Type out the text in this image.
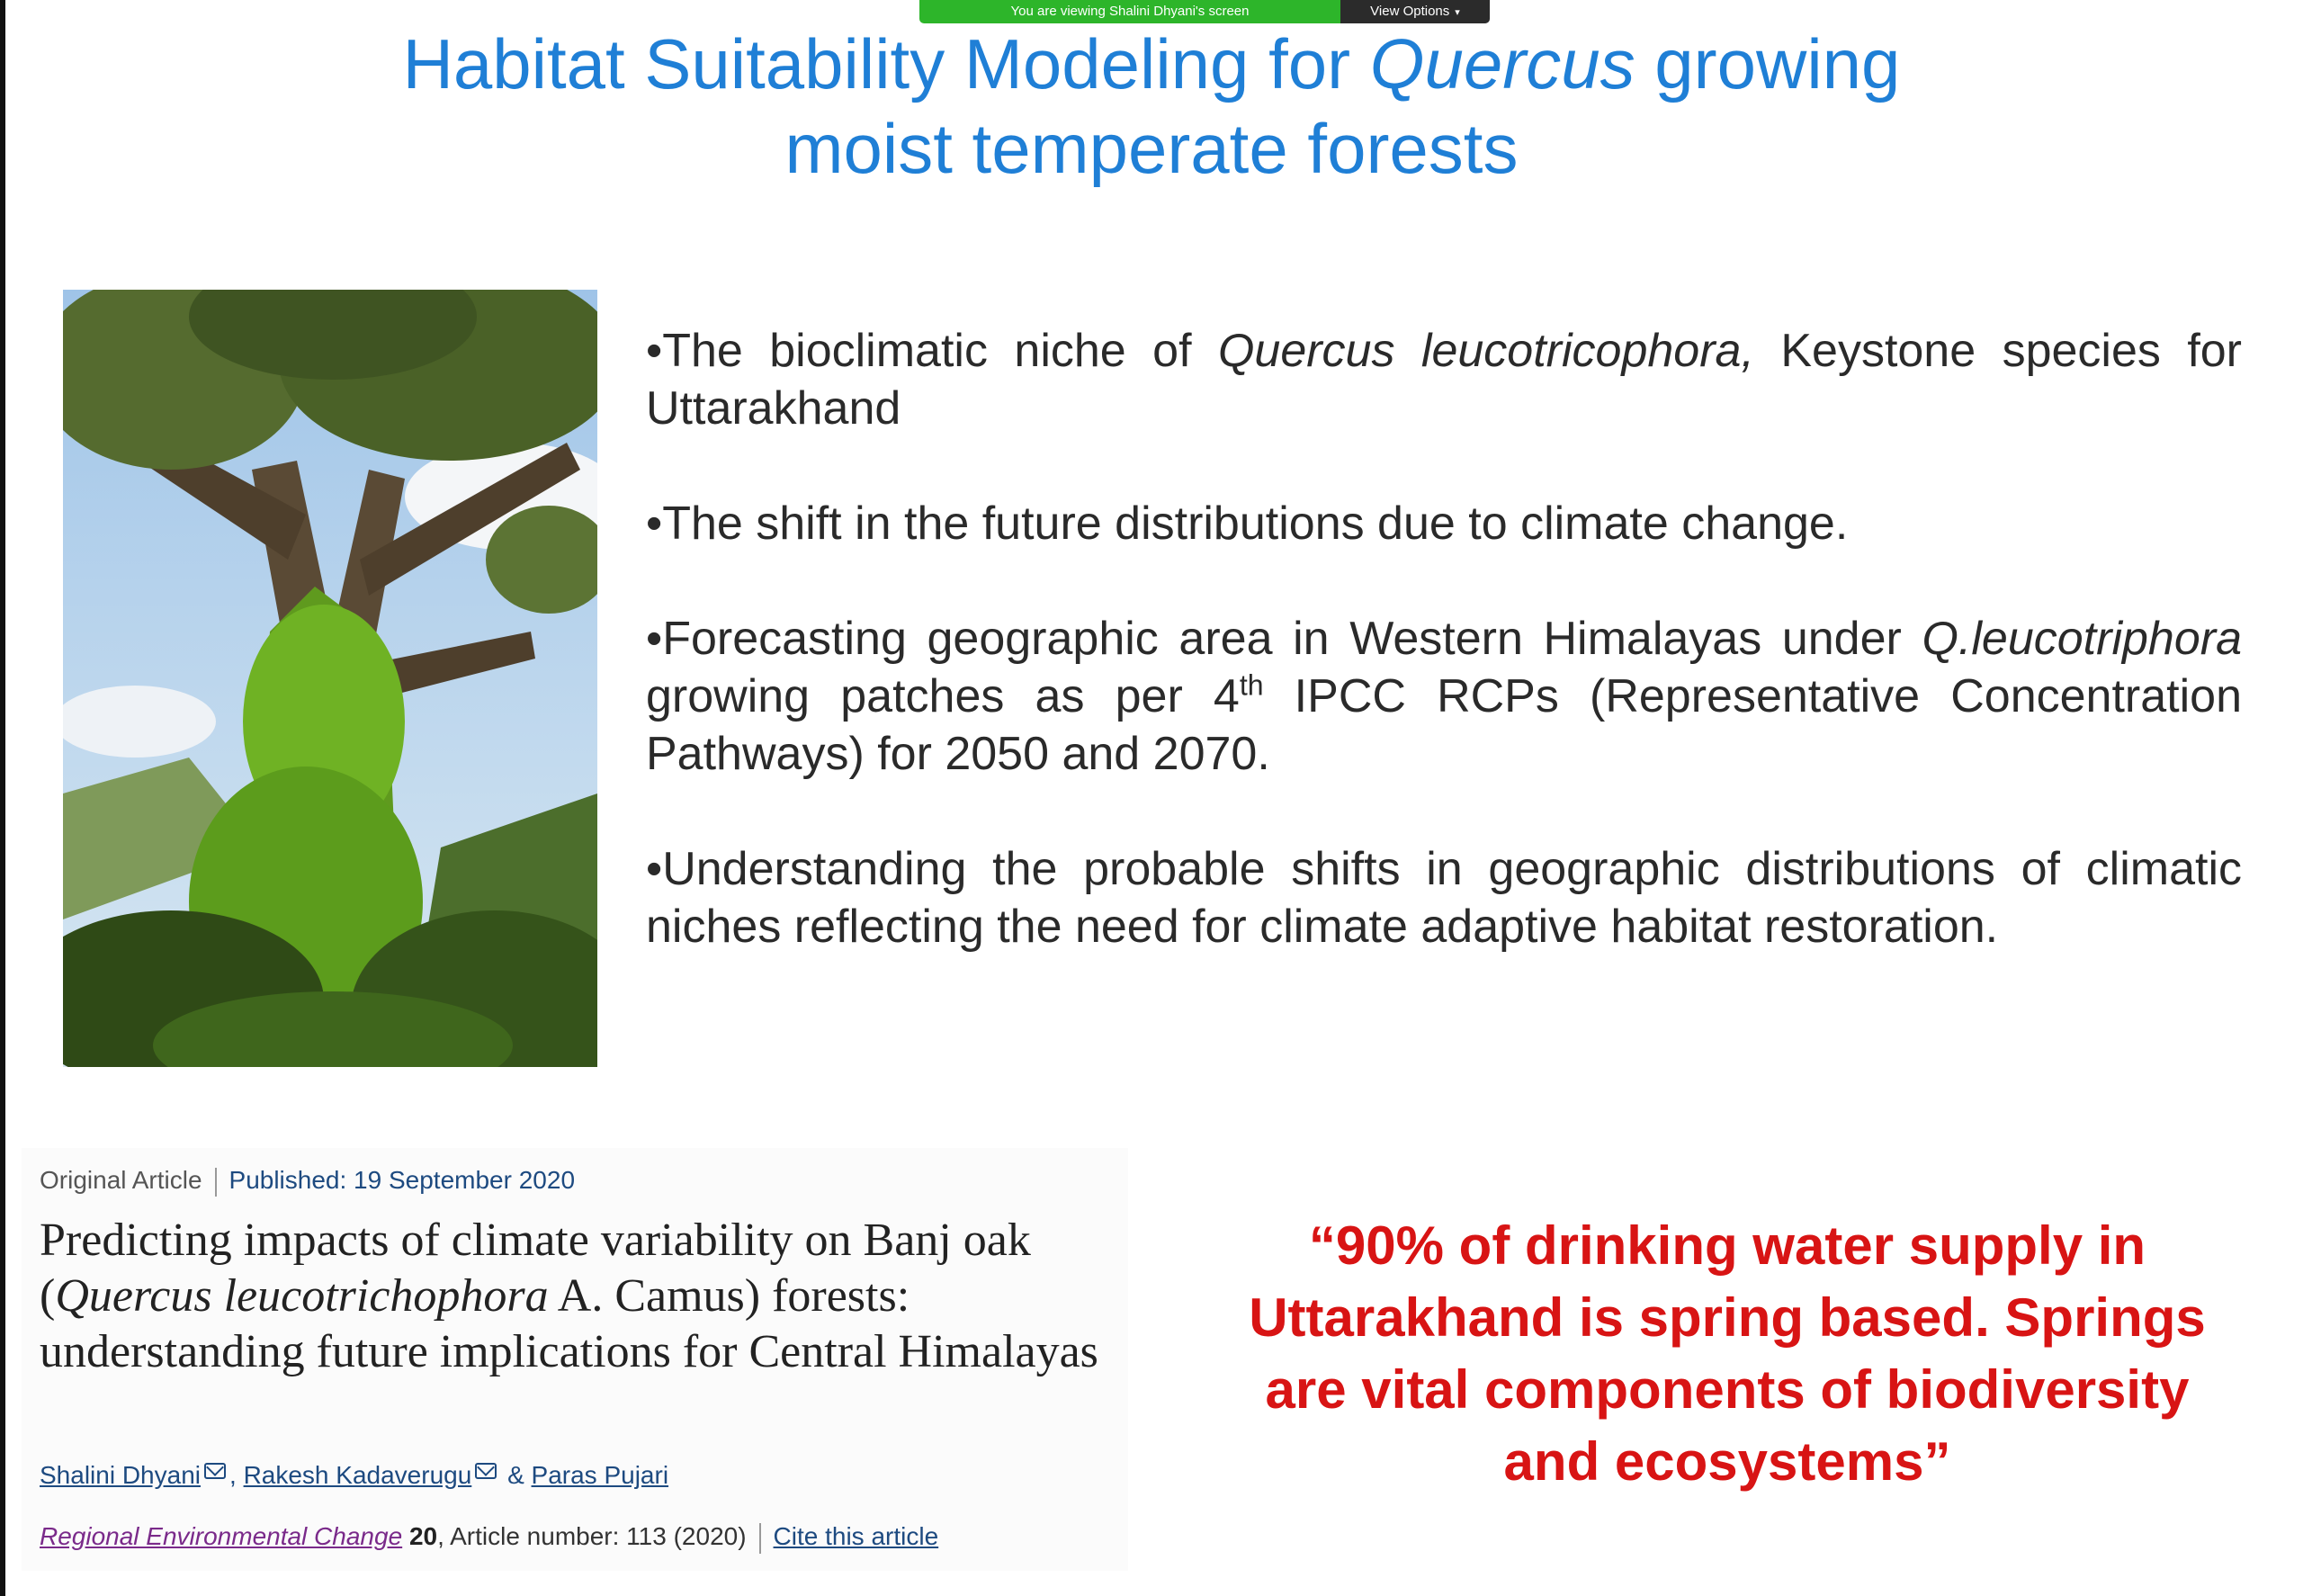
You are viewing Shalini Dhyani's screen	View Options ▾
Habitat Suitability Modeling for Quercus growing
moist temperate forests

•The bioclimatic niche of Quercus leucotricophora, Keystone species for Uttarakhand

•The shift in the future distributions due to climate change.

•Forecasting geographic area in Western Himalayas under Q.leucotriphora growing patches as per 4th IPCC RCPs (Representative Concentration Pathways) for 2050 and 2070.

•Understanding the probable shifts in geographic distributions of climatic niches reflecting the need for climate adaptive habitat restoration.

Original Article Published: 19 September 2020
Predicting impacts of climate variability on Banj oak (Quercus leucotrichophora A. Camus) forests: understanding future implications for Central Himalayas
Shalini Dhyani , Rakesh Kadaverugu & Paras Pujari
Regional Environmental Change 20, Article number: 113 (2020) Cite this article
“90% of drinking water supply in Uttarakhand is spring based. Springs are vital components of biodiversity and ecosystems”
